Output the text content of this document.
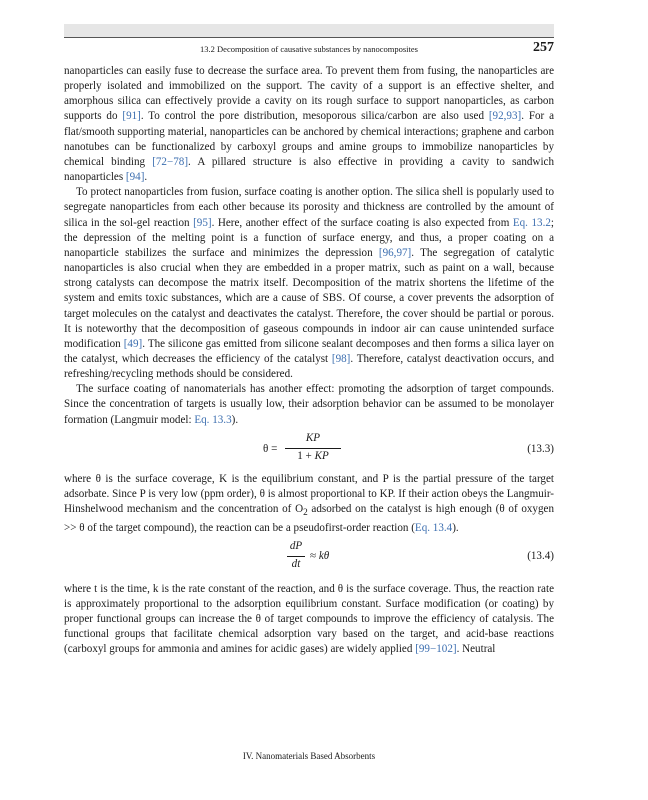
13.2 Decomposition of causative substances by nanocomposites	257

nanoparticles can easily fuse to decrease the surface area. To prevent them from fusing, the nanoparticles are properly isolated and immobilized on the support. The cavity of a support is an effective shelter, and amorphous silica can effectively provide a cavity on its rough surface to support nanoparticles, as carbon supports do [91]. To control the pore distribution, mesoporous silica/carbon are also used [92,93]. For a flat/smooth supporting material, nanoparticles can be anchored by chemical interactions; graphene and carbon nanotubes can be functionalized by carboxyl groups and amine groups to immobilize nanoparticles by chemical binding [72−78]. A pillared structure is also effective in providing a cavity to sandwich nanoparticles [94].

To protect nanoparticles from fusion, surface coating is another option. The silica shell is popularly used to segregate nanoparticles from each other because its porosity and thickness are controlled by the amount of silica in the sol-gel reaction [95]. Here, another effect of the surface coating is also expected from Eq. 13.2; the depression of the melting point is a function of surface energy, and thus, a proper coating on a nanoparticle stabilizes the surface and minimizes the depression [96,97]. The segregation of catalytic nanoparticles is also crucial when they are embedded in a proper matrix, such as paint on a wall, because strong catalysts can decompose the matrix itself. Decomposition of the matrix shortens the lifetime of the system and emits toxic substances, which are a cause of SBS. Of course, a cover prevents the adsorption of target molecules on the catalyst and deactivates the catalyst. Therefore, the cover should be partial or porous. It is noteworthy that the decomposition of gaseous compounds in indoor air can cause unintended surface modification [49]. The silicone gas emitted from silicone sealant decomposes and then forms a silica layer on the catalyst, which decreases the efficiency of the catalyst [98]. Therefore, catalyst deactivation occurs, and refreshing/recycling methods should be considered.

The surface coating of nanomaterials has another effect: promoting the adsorption of target compounds. Since the concentration of targets is usually low, their adsorption behavior can be assumed to be monolayer formation (Langmuir model: Eq. 13.3).

θ =
KP
1 + KP
(13.3)

where θ is the surface coverage, K is the equilibrium constant, and P is the partial pressure of the target adsorbate. Since P is very low (ppm order), θ is almost proportional to KP. If their action obeys the Langmuir-Hinshelwood mechanism and the concentration of $O_2$ adsorbed on the catalyst is high enough (θ of oxygen >> θ of the target compound), the reaction can be a pseudofirst-order reaction (Eq. 13.4).

dP
dt
≈ kθ	(13.4)

where t is the time, k is the rate constant of the reaction, and θ is the surface coverage. Thus, the reaction rate is approximately proportional to the adsorption equilibrium constant. Surface modification (or coating) by proper functional groups can increase the θ of target compounds to improve the efficiency of catalysis. The functional groups that facilitate chemical adsorption vary based on the target, and acid-base reactions (carboxyl groups for ammonia and amines for acidic gases) are widely applied [99−102]. Neutral

IV. Nanomaterials Based Absorbents
